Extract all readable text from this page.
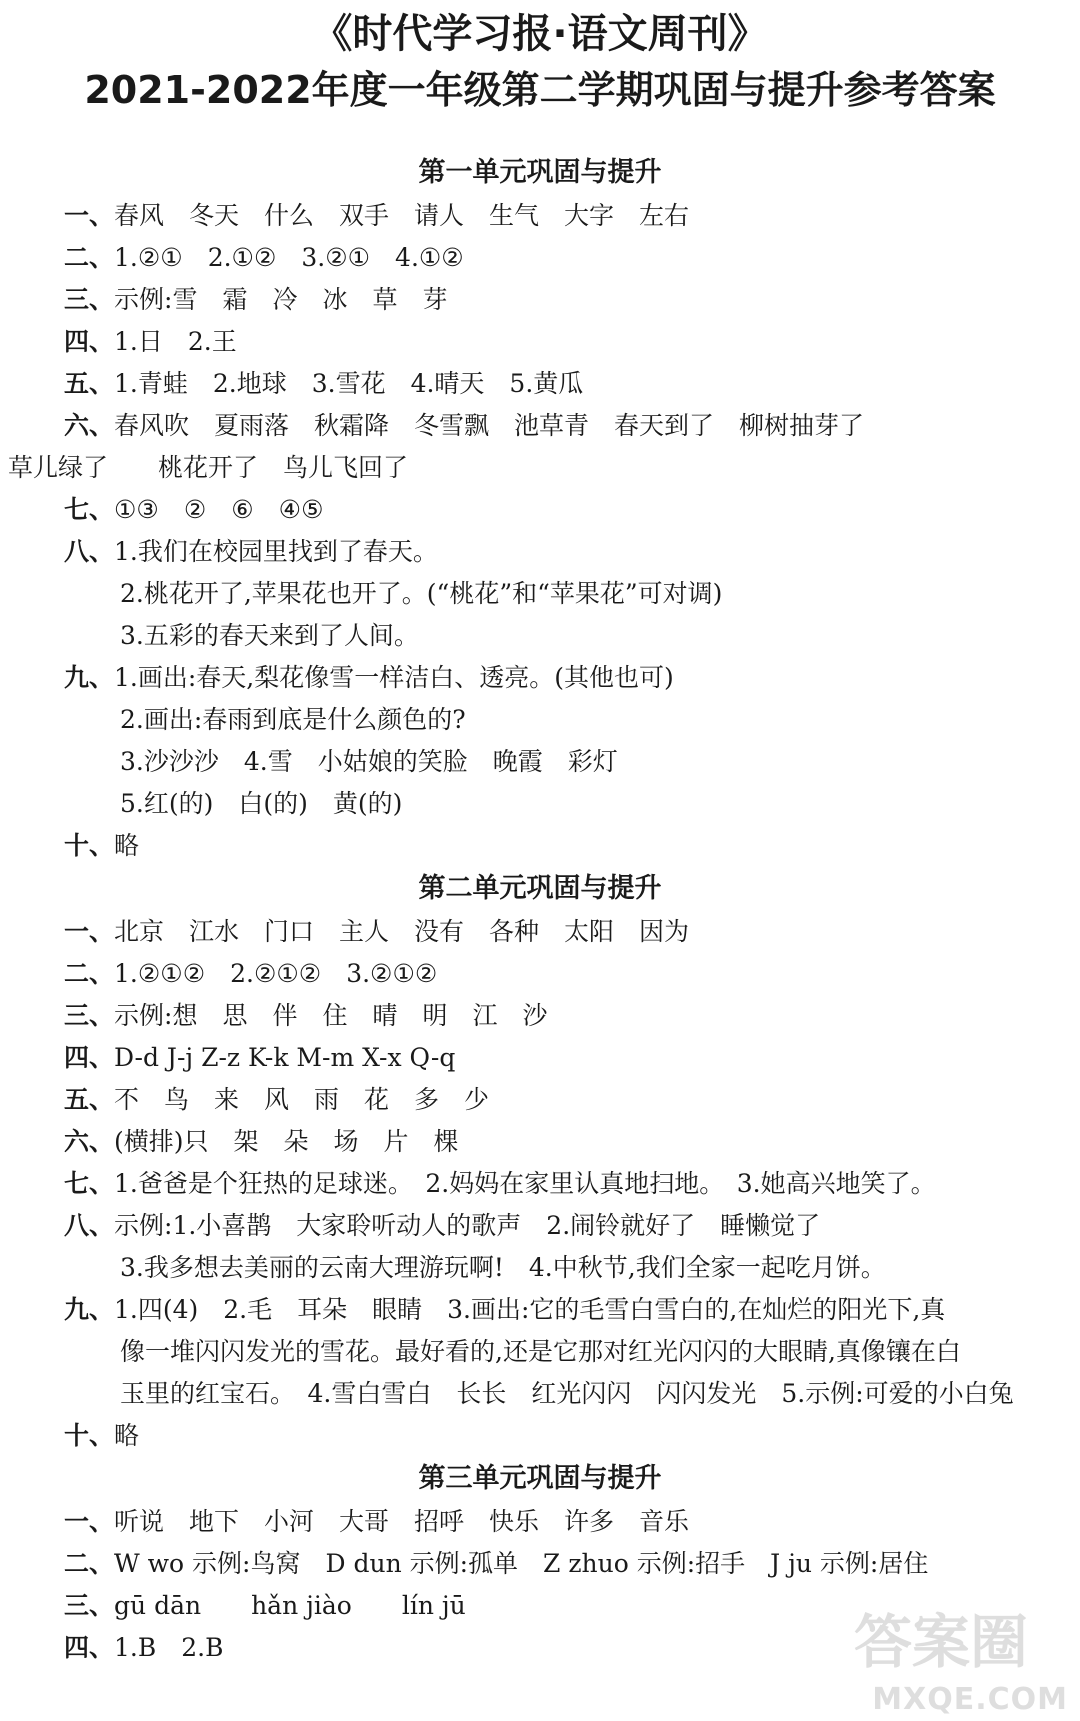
《时代学习报·语文周刊》
2021-2022年度一年级第二学期巩固与提升参考答案
第一单元巩固与提升
一、春风　冬天　什么　双手　请人　生气　大字　左右
二、1.②①　2.①②　3.②①　4.①②
三、示例:雪　霜　冷　冰　草　芽
四、1.日　2.王
五、1.青蛙　2.地球　3.雪花　4.晴天　5.黄瓜
六、春风吹　夏雨落　秋霜降　冬雪飘　池草青　春天到了　柳树抽芽了
草儿绿了　　桃花开了　鸟儿飞回了
七、①③　②　⑥　④⑤
八、1.我们在校园里找到了春天。
2.桃花开了,苹果花也开了。(“桃花”和“苹果花”可对调)
3.五彩的春天来到了人间。
九、1.画出:春天,梨花像雪一样洁白、透亮。(其他也可)
2.画出:春雨到底是什么颜色的?
3.沙沙沙　4.雪　小姑娘的笑脸　晚霞　彩灯
5.红(的)　白(的)　黄(的)
十、略
第二单元巩固与提升
一、北京　江水　门口　主人　没有　各种　太阳　因为
二、1.②①②　2.②①②　3.②①②
三、示例:想　思　伴　住　晴　明　江　沙
四、D-d J-j Z-z K-k M-m X-x Q-q
五、不　鸟　来　风　雨　花　多　少
六、(横排)只　架　朵　场　片　棵
七、1.爸爸是个狂热的足球迷。　2.妈妈在家里认真地扫地。　3.她高兴地笑了。
八、示例:1.小喜鹊　大家聆听动人的歌声　2.闹铃就好了　睡懒觉了
3.我多想去美丽的云南大理游玩啊!　4.中秋节,我们全家一起吃月饼。
九、1.四(4)　2.毛　耳朵　眼睛　3.画出:它的毛雪白雪白的,在灿烂的阳光下,真
像一堆闪闪发光的雪花。最好看的,还是它那对红光闪闪的大眼睛,真像镶在白
玉里的红宝石。　4.雪白雪白　长长　红光闪闪　闪闪发光　5.示例:可爱的小白兔
十、略
第三单元巩固与提升
一、听说　地下　小河　大哥　招呼　快乐　许多　音乐
二、W wo 示例:鸟窝　D dun 示例:孤单　Z zhuo 示例:招手　J ju 示例:居住
三、gū dān　　hǎn jiào　　lín jū
四、1.B　2.B	答案圈
MXQE.COM
